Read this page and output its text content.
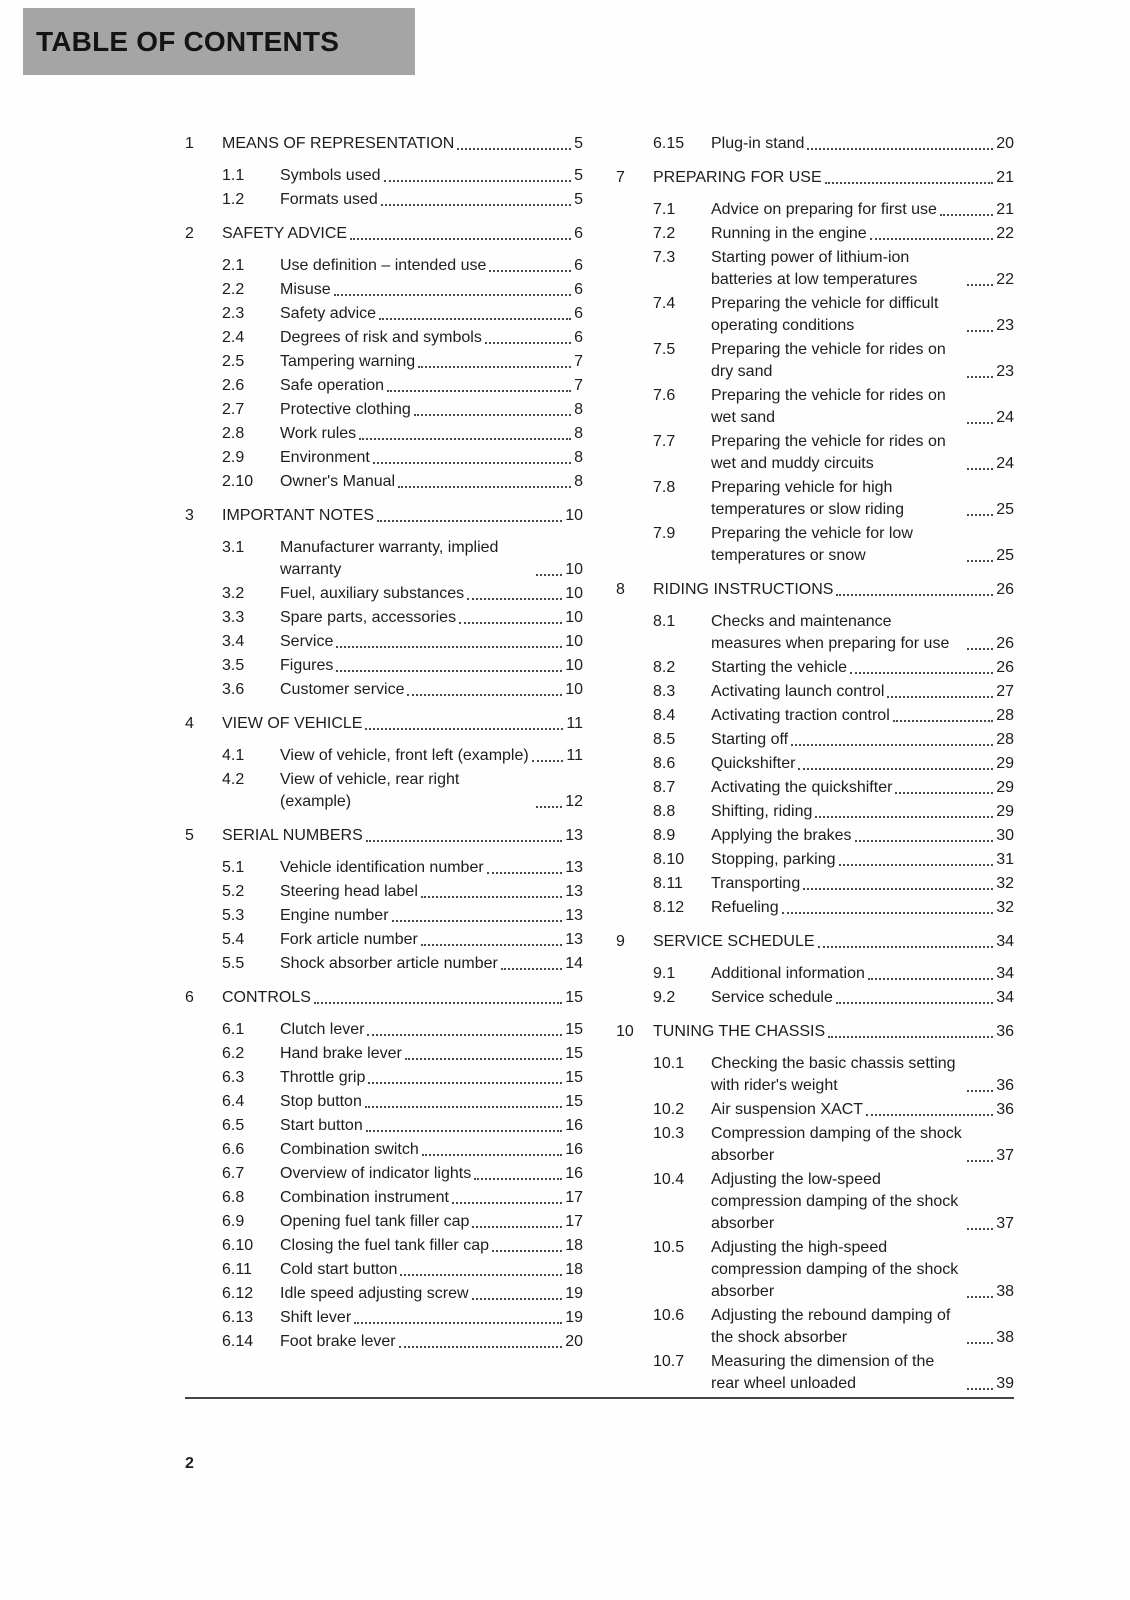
TABLE OF CONTENTS
1	MEANS OF REPRESENTATION	5
1.1	Symbols used	5
1.2	Formats used	5
2	SAFETY ADVICE	6
2.1	Use definition – intended use	6
2.2	Misuse	6
2.3	Safety advice	6
2.4	Degrees of risk and symbols	6
2.5	Tampering warning	7
2.6	Safe operation	7
2.7	Protective clothing	8
2.8	Work rules	8
2.9	Environment	8
2.10	Owner's Manual	8
3	IMPORTANT NOTES	10
3.1	Manufacturer warranty, implied warranty	10
3.2	Fuel, auxiliary substances	10
3.3	Spare parts, accessories	10
3.4	Service	10
3.5	Figures	10
3.6	Customer service	10
4	VIEW OF VEHICLE	11
4.1	View of vehicle, front left (example) 11
4.2	View of vehicle, rear right (example)	12
5	SERIAL NUMBERS	13
5.1	Vehicle identification number	13
5.2	Steering head label	13
5.3	Engine number	13
5.4	Fork article number	13
5.5	Shock absorber article number	14
6	CONTROLS	15
6.1	Clutch lever	15
6.2	Hand brake lever	15
6.3	Throttle grip	15
6.4	Stop button	15
6.5	Start button	16
6.6	Combination switch	16
6.7	Overview of indicator lights	16
6.8	Combination instrument	17
6.9	Opening fuel tank filler cap	17
6.10	Closing the fuel tank filler cap	18
6.11	Cold start button	18
6.12	Idle speed adjusting screw	19
6.13	Shift lever	19
6.14	Foot brake lever	20
6.15	Plug-in stand	20
7	PREPARING FOR USE	21
7.1	Advice on preparing for first use	21
7.2	Running in the engine	22
7.3	Starting power of lithium-ion batteries at low temperatures	22
7.4	Preparing the vehicle for difficult operating conditions	23
7.5	Preparing the vehicle for rides on dry sand	23
7.6	Preparing the vehicle for rides on wet sand	24
7.7	Preparing the vehicle for rides on wet and muddy circuits	24
7.8	Preparing vehicle for high temperatures or slow riding	25
7.9	Preparing the vehicle for low temperatures or snow	25
8	RIDING INSTRUCTIONS	26
8.1	Checks and maintenance measures when preparing for use	26
8.2	Starting the vehicle	26
8.3	Activating launch control	27
8.4	Activating traction control	28
8.5	Starting off	28
8.6	Quickshifter	29
8.7	Activating the quickshifter	29
8.8	Shifting, riding	29
8.9	Applying the brakes	30
8.10	Stopping, parking	31
8.11	Transporting	32
8.12	Refueling	32
9	SERVICE SCHEDULE	34
9.1	Additional information	34
9.2	Service schedule	34
10	TUNING THE CHASSIS	36
10.1	Checking the basic chassis setting with rider's weight	36
10.2	Air suspension XACT	36
10.3	Compression damping of the shock absorber	37
10.4	Adjusting the low-speed compression damping of the shock absorber	37
10.5	Adjusting the high-speed compression damping of the shock absorber	38
10.6	Adjusting the rebound damping of the shock absorber	38
10.7	Measuring the dimension of the rear wheel unloaded	39
2
